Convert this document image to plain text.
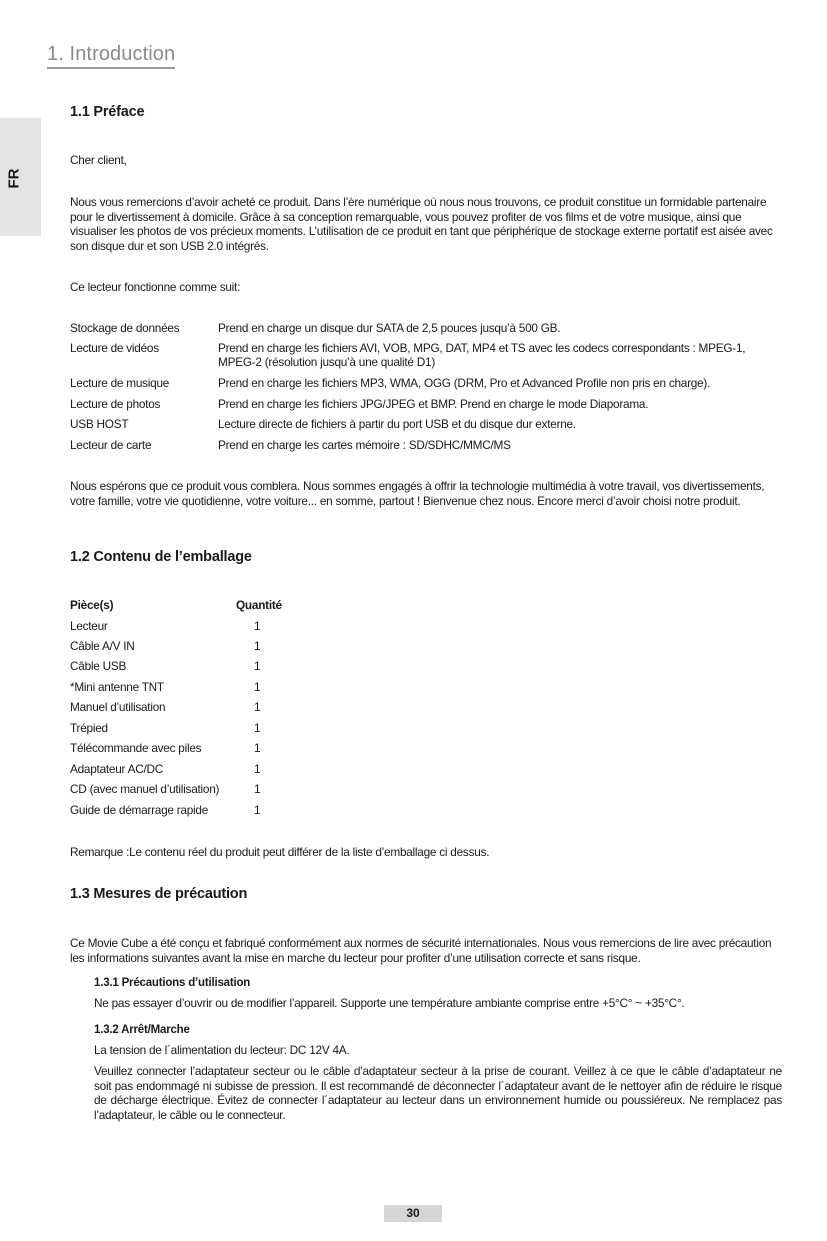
1. Introduction
FR
1.1 Préface
Cher client,
Nous vous remercions d’avoir acheté ce produit. Dans l’ère numérique où nous nous trouvons, ce produit constitue un formidable partenaire pour le divertissement à domicile. Grâce à sa conception remarquable, vous pouvez profiter de vos films et de votre musique, ainsi que visualiser les photos de vos précieux moments. L’utilisation de ce produit en tant que périphérique de stockage externe portatif est aisée avec son disque dur et son USB 2.0 intégrés.
Ce lecteur fonctionne comme suit:
Stockage de données	Prend en charge un disque dur SATA de 2,5 pouces jusqu’à 500 GB.
Lecture de vidéos	Prend en charge les fichiers AVI, VOB, MPG, DAT, MP4 et TS avec les codecs correspondants : MPEG-1, MPEG-2 (résolution jusqu’à une qualité D1)
Lecture de musique	Prend en charge les fichiers MP3, WMA, OGG (DRM, Pro et Advanced Profile non pris en charge).
Lecture de photos	Prend en charge les fichiers JPG/JPEG et BMP. Prend en charge le mode Diaporama.
USB HOST	Lecture directe de fichiers à partir du port USB et du disque dur externe.
Lecteur de carte	Prend en charge les cartes mémoire : SD/SDHC/MMC/MS
Nous espérons que ce produit vous comblera. Nous sommes engagés à offrir la technologie multimédia à votre travail, vos divertissements, votre famille, votre vie quotidienne, votre voiture... en somme, partout ! Bienvenue chez nous. Encore merci d’avoir choisi notre produit.
1.2 Contenu de l’emballage
Pièce(s)	Quantité
Lecteur	1
Câble A/V IN	1
Câble USB	1
*Mini antenne TNT	1
Manuel d’utilisation	1
Trépied	1
Télécommande avec piles	1
Adaptateur AC/DC	1
CD (avec manuel d’utilisation)	1
Guide de démarrage rapide	1
Remarque :Le contenu réel du produit peut différer de la liste d’emballage ci dessus.
1.3 Mesures de précaution
Ce Movie Cube a été conçu et fabriqué conformément aux normes de sécurité internationales. Nous vous remercions de lire avec précaution les informations suivantes avant la mise en marche du lecteur pour profiter d’une utilisation correcte et sans risque.
1.3.1 Précautions d’utilisation
Ne pas essayer d’ouvrir ou de modifier l’appareil. Supporte une température ambiante comprise entre +5°C° ~ +35°C°.
1.3.2 Arrêt/Marche
La tension de l´alimentation du lecteur: DC 12V 4A.
Veuillez connecter l’adaptateur secteur ou le câble d’adaptateur secteur à la prise de courant. Veillez à ce que le câble d’adaptateur ne soit pas endommagé ni subisse de pression. Il est recommandé de déconnecter l´adaptateur avant de le nettoyer afin de réduire le risque de décharge électrique. Évitez de connecter l´adaptateur au lecteur dans un environnement humide ou poussiéreux. Ne remplacez pas l’adaptateur, le câble ou le connecteur.
30
